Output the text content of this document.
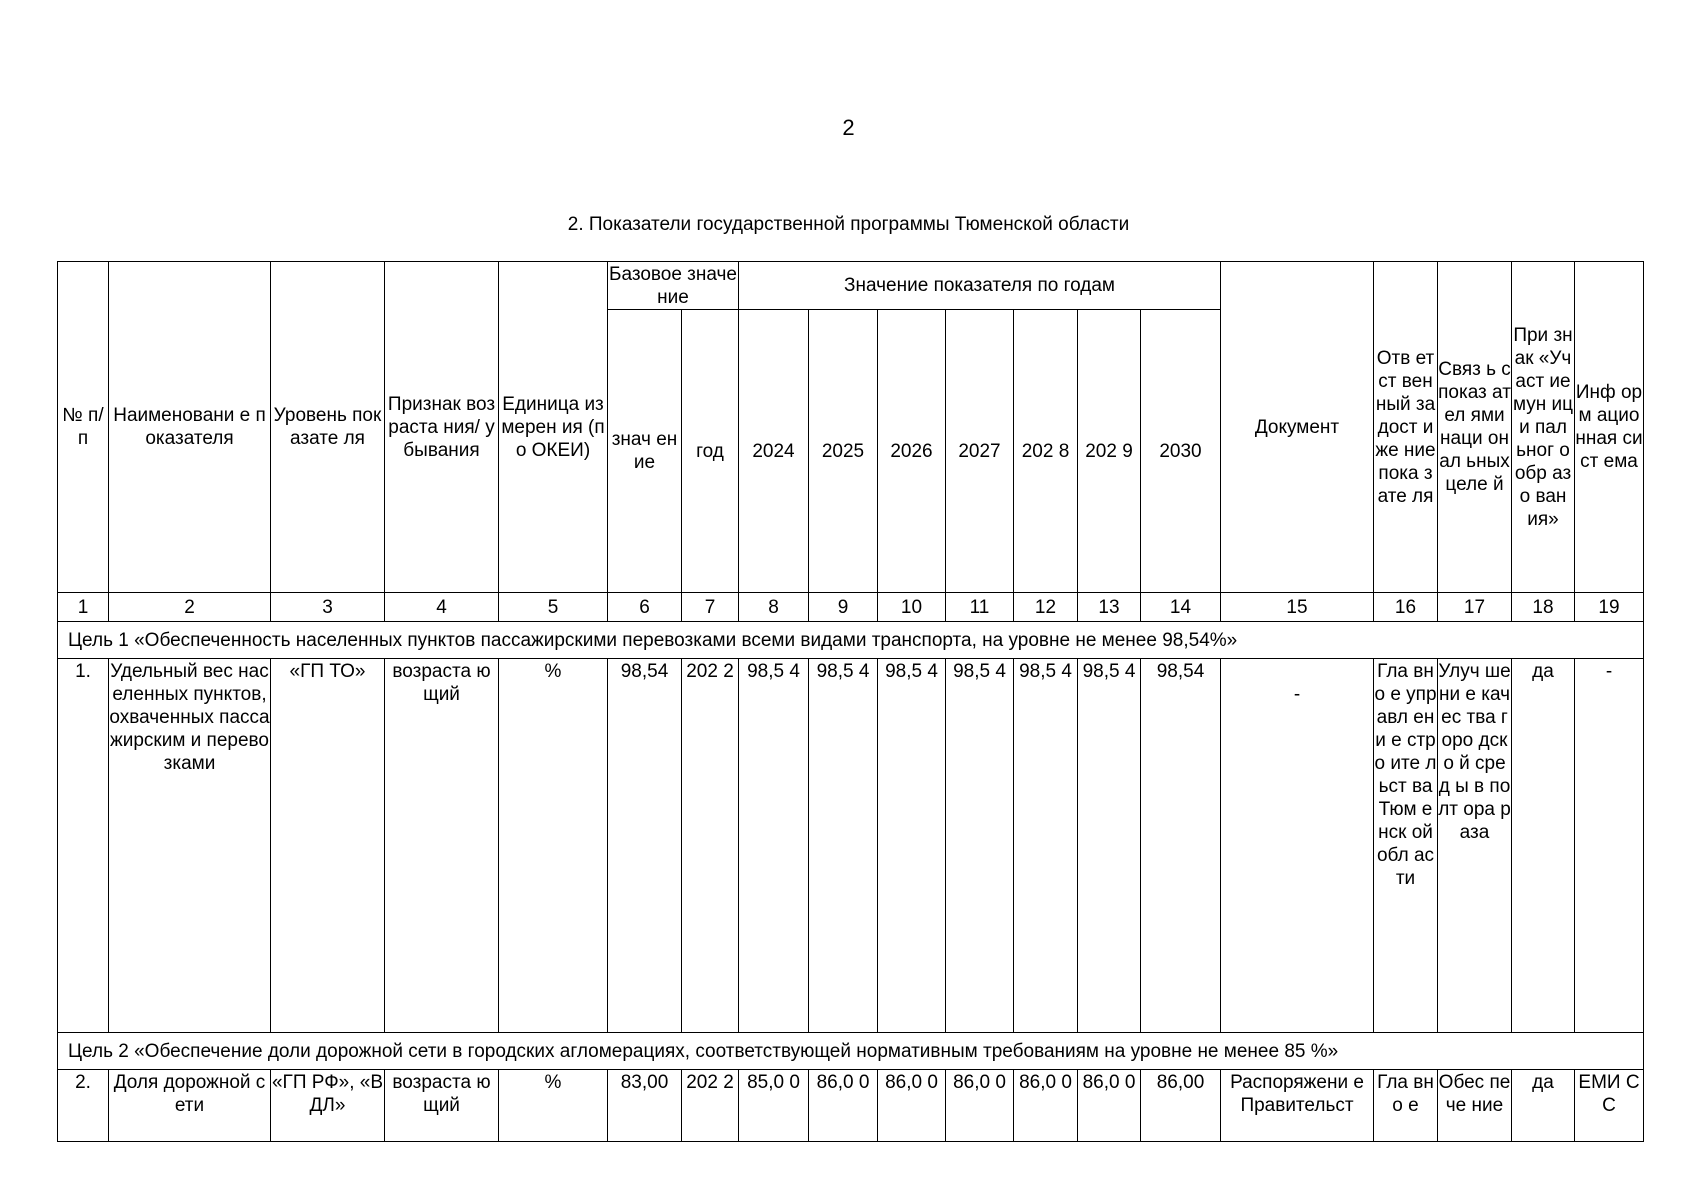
2
2. Показатели государственной программы Тюменской области
№ п/п	Наименовани е показателя	Уровень показате ля	Признак возраста ния/ убывания	Единица измерен ия (по ОКЕИ)	Базовое значение		Значение показателя по годам							Документ	Отв етст вен ный за дост иже ние пока зате ля	Связ ь с показ ател ями наци онал ьных целе й	При знак «Уч аст ие мун ици пал ьног о обр азо ван ия»	Инф орм ацио нная сист ема
					знач ение	год	2024	2025	2026	2027	202 8	202 9	2030					
1	2	3	4	5	6	7	8	9	10	11	12	13	14	15	16	17	18	19
Цель 1 «Обеспеченность населенных пунктов пассажирскими перевозками всеми видами транспорта, на уровне не менее 98,54%»																		
1.	Удельный вес населенных пунктов, охваченных пассажирским и перевозками	«ГП ТО»	возраста ющий	%	98,54	202 2	98,5 4	98,5 4	98,5 4	98,5 4	98,5 4	98,5 4	98,54	-	Гла вно е упр авл ени е стро ите льст ва Тюм енск ой обл асти	Улуч шени е качес тва горо дско й сред ы в полт ора раза	да	-
Цель 2 «Обеспечение доли дорожной сети в городских агломерациях, соответствующей нормативным требованиям на уровне не менее 85 %»																		
2.	Доля дорожной сети	«ГП РФ», «ВДЛ»	возраста ющий	%	83,00	202 2	85,0 0	86,0 0	86,0 0	86,0 0	86,0 0	86,0 0	86,00	Распоряжени е Правительст	Гла вно е	Обес пече ние	да	ЕМИ СС
